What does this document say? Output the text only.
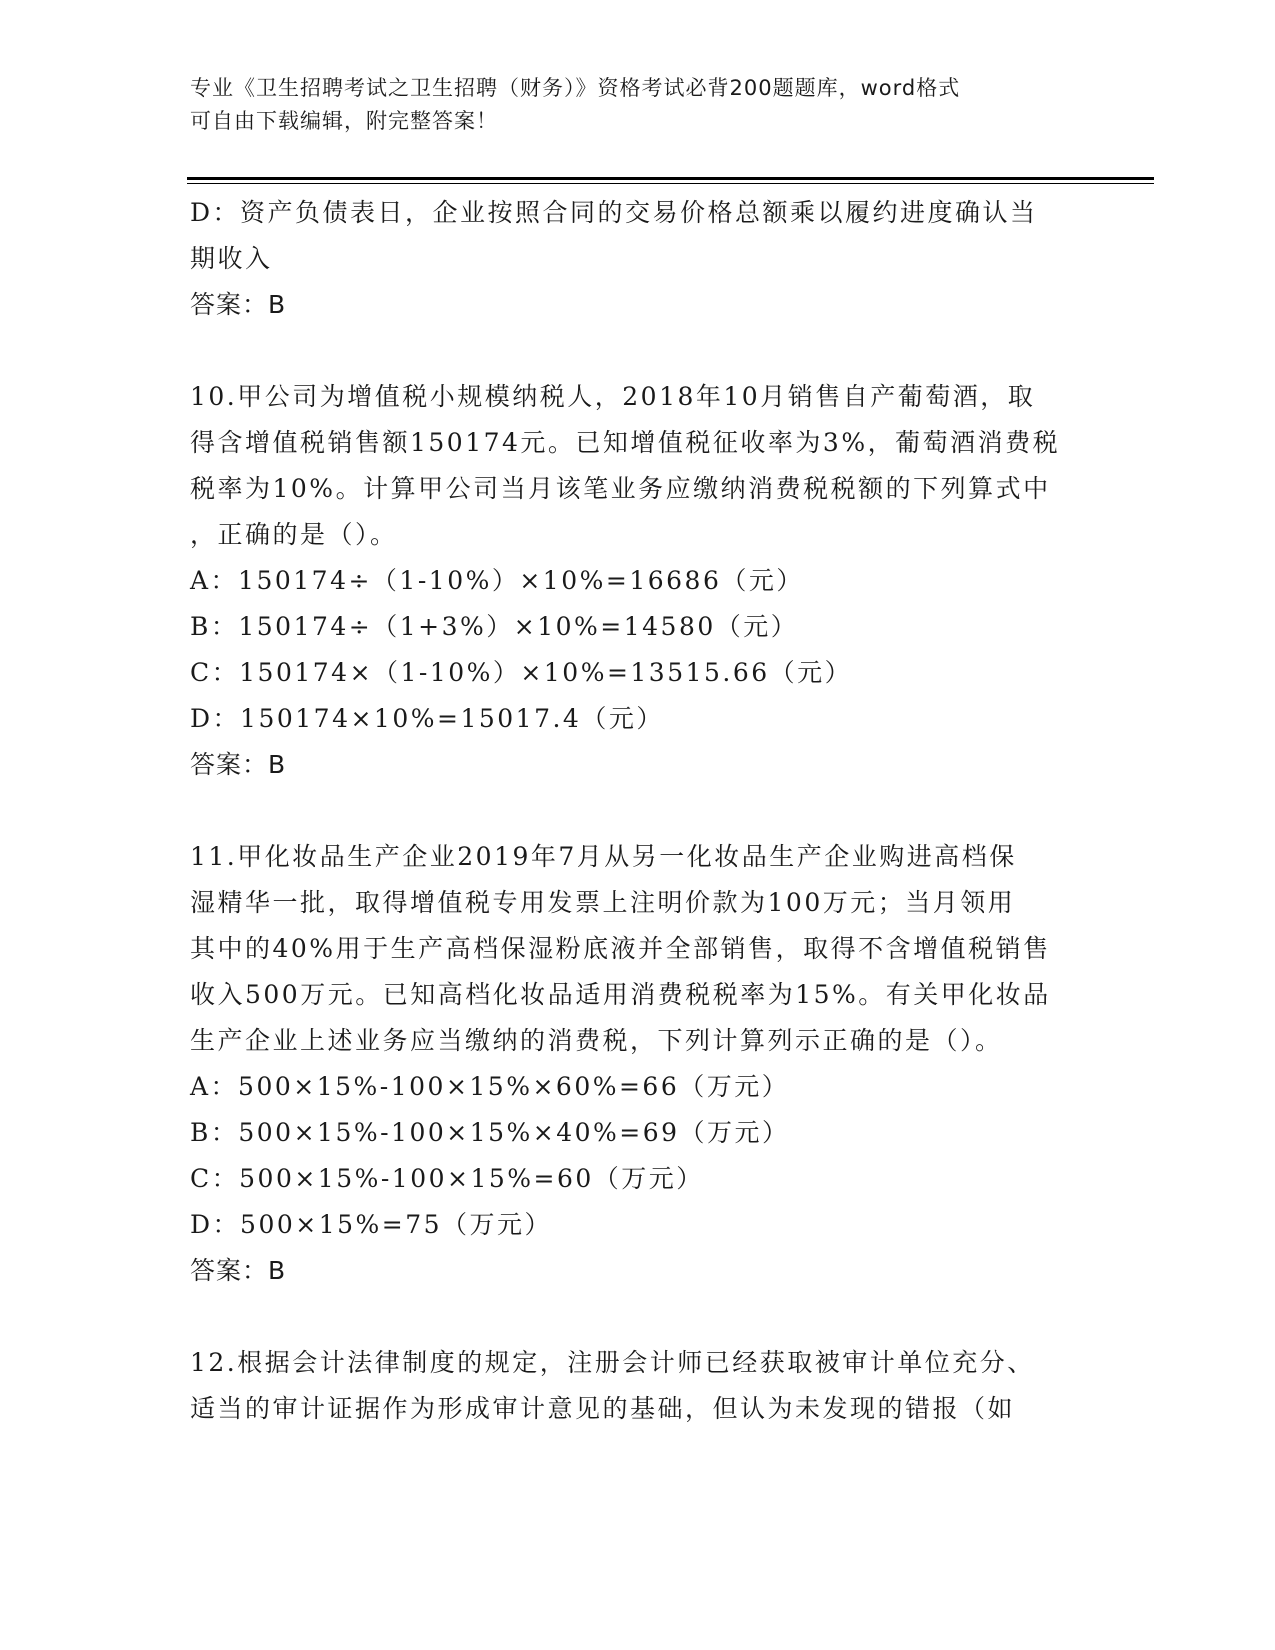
专业《卫生招聘考试之卫生招聘（财务）》资格考试必背200题题库，word格式
可自由下载编辑，附完整答案！
D：资产负债表日，企业按照合同的交易价格总额乘以履约进度确认当
期收入
答案：B
10.甲公司为增值税小规模纳税人，2018年10月销售自产葡萄酒，取
得含增值税销售额150174元。已知增值税征收率为3%，葡萄酒消费税
税率为10%。计算甲公司当月该笔业务应缴纳消费税税额的下列算式中
，正确的是（）。
A：150174÷（1-10%）×10%=16686（元）
B：150174÷（1+3%）×10%=14580（元）
C：150174×（1-10%）×10%=13515.66（元）
D：150174×10%=15017.4（元）
答案：B
11.甲化妆品生产企业2019年7月从另一化妆品生产企业购进高档保
湿精华一批，取得增值税专用发票上注明价款为100万元；当月领用
其中的40%用于生产高档保湿粉底液并全部销售，取得不含增值税销售
收入500万元。已知高档化妆品适用消费税税率为15%。有关甲化妆品
生产企业上述业务应当缴纳的消费税，下列计算列示正确的是（）。
A：500×15%-100×15%×60%=66（万元）
B：500×15%-100×15%×40%=69（万元）
C：500×15%-100×15%=60（万元）
D：500×15%=75（万元）
答案：B
12.根据会计法律制度的规定，注册会计师已经获取被审计单位充分、
适当的审计证据作为形成审计意见的基础，但认为未发现的错报（如
